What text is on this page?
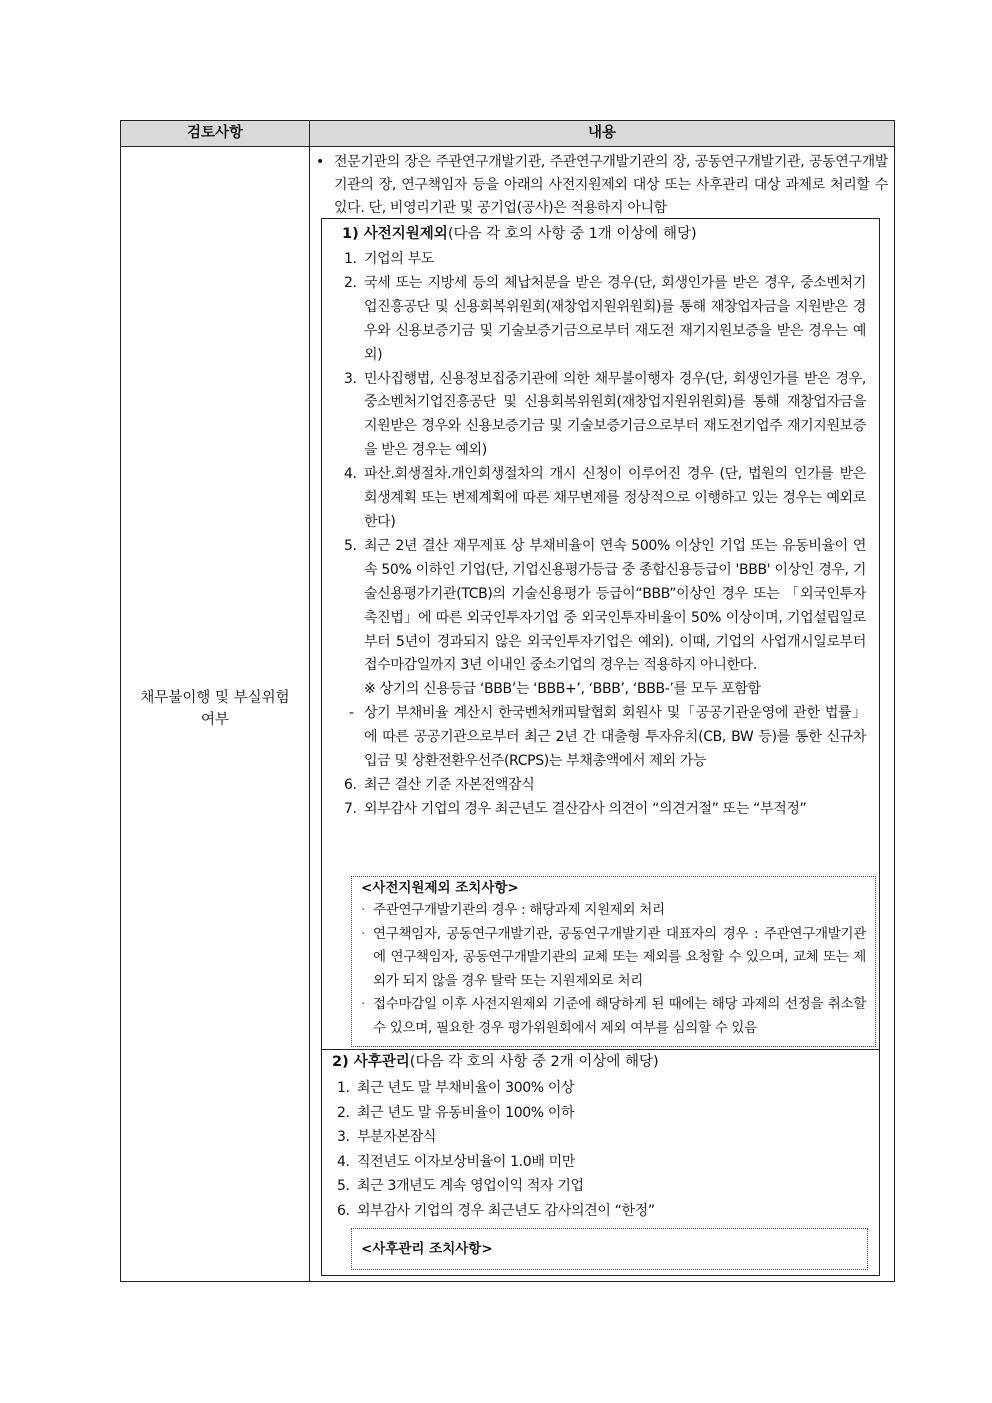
검토사항	내용
채무불이행 및 부실위험
여부
• 전문기관의 장은 주관연구개발기관, 주관연구개발기관의 장, 공동연구개발기관, 공동연구개발기관의 장, 연구책임자 등을 아래의 사전지원제외 대상 또는 사후관리 대상 과제로 처리할 수 있다. 단, 비영리기관 및 공기업(공사)은 적용하지 아니함
1) 사전지원제외(다음 각 호의 사항 중 1개 이상에 해당)
1. 기업의 부도
2. 국세 또는 지방세 등의 체납처분을 받은 경우(단, 회생인가를 받은 경우, 중소벤처기업진흥공단 및 신용회복위원회(재창업지원위원회)를 통해 재창업자금을 지원받은 경우와 신용보증기금 및 기술보증기금으로부터 재도전 재기지원보증을 받은 경우는 예외)
3. 민사집행법, 신용정보집중기관에 의한 채무불이행자 경우(단, 회생인가를 받은 경우, 중소벤처기업진흥공단 및 신용회복위원회(재창업지원위원회)를 통해 재창업자금을 지원받은 경우와 신용보증기금 및 기술보증기금으로부터 재도전기업주 재기지원보증을 받은 경우는 예외)
4. 파산.회생절차.개인회생절차의 개시 신청이 이루어진 경우 (단, 법원의 인가를 받은 회생계획 또는 변제계획에 따른 채무변제를 정상적으로 이행하고 있는 경우는 예외로 한다)
5. 최근 2년 결산 재무제표 상 부채비율이 연속 500% 이상인 기업 또는 유동비율이 연속 50% 이하인 기업(단, 기업신용평가등급 중 종합신용등급이 'BBB' 이상인 경우, 기술신용평가기관(TCB)의 기술신용평가 등급이“BBB”이상인 경우 또는 「외국인투자 촉진법」에 따른 외국인투자기업 중 외국인투자비율이 50% 이상이며, 기업설립일로부터 5년이 경과되지 않은 외국인투자기업은 예외). 이때, 기업의 사업개시일로부터 접수마감일까지 3년 이내인 중소기업의 경우는 적용하지 아니한다.
※ 상기의 신용등급 ‘BBB’는 ‘BBB+’, ‘BBB’, ‘BBB-’를 모두 포함함
- 상기 부채비율 계산시 한국벤처캐피탈협회 회원사 및「공공기관운영에 관한 법률」에 따른 공공기관으로부터 최근 2년 간 대출형 투자유치(CB, BW 등)를 통한 신규차입금 및 상환전환우선주(RCPS)는 부채총액에서 제외 가능
6. 최근 결산 기준 자본전액잠식
7. 외부감사 기업의 경우 최근년도 결산감사 의견이 “의견거절” 또는 “부적정”
<사전지원제외 조치사항>
· 주관연구개발기관의 경우 : 해당과제 지원제외 처리
· 연구책임자, 공동연구개발기관, 공동연구개발기관 대표자의 경우 : 주관연구개발기관에 연구책임자, 공동연구개발기관의 교체 또는 제외를 요청할 수 있으며, 교체 또는 제외가 되지 않을 경우 탈락 또는 지원제외로 처리
· 접수마감일 이후 사전지원제외 기준에 해당하게 된 때에는 해당 과제의 선정을 취소할 수 있으며, 필요한 경우 평가위원회에서 제외 여부를 심의할 수 있음
2) 사후관리(다음 각 호의 사항 중 2개 이상에 해당)
1. 최근 년도 말 부채비율이 300% 이상
2. 최근 년도 말 유동비율이 100% 이하
3. 부분자본잠식
4. 직전년도 이자보상비율이 1.0배 미만
5. 최근 3개년도 계속 영업이익 적자 기업
6. 외부감사 기업의 경우 최근년도 감사의견이 “한정”
<사후관리 조치사항>
